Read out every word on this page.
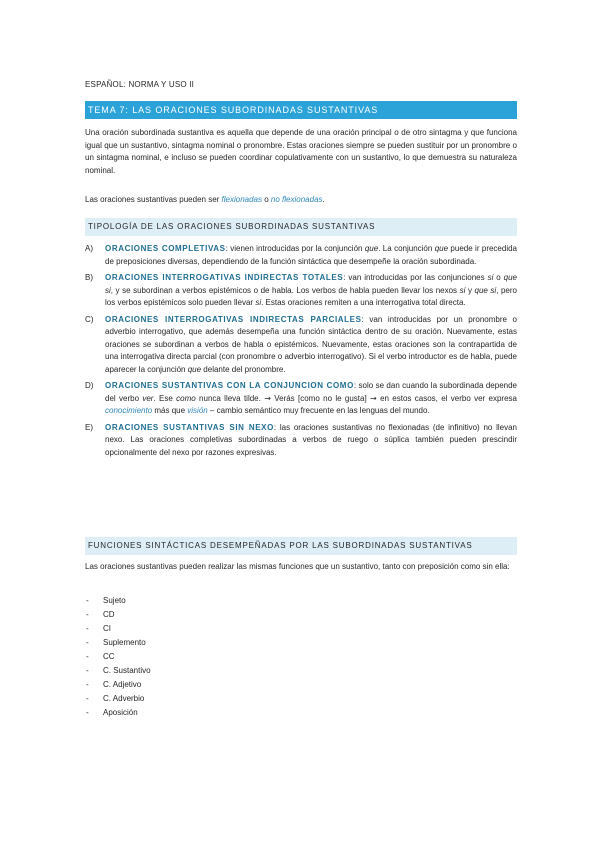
ESPAÑOL: NORMA Y USO II
TEMA 7: LAS ORACIONES SUBORDINADAS SUSTANTIVAS
Una oración subordinada sustantiva es aquella que depende de una oración principal o de otro sintagma y que funciona igual que un sustantivo, sintagma nominal o pronombre. Estas oraciones siempre se pueden sustituir por un pronombre o un sintagma nominal, e incluso se pueden coordinar copulativamente con un sustantivo, lo que demuestra su naturaleza nominal.
Las oraciones sustantivas pueden ser flexionadas o no flexionadas.
TIPOLOGÍA DE LAS ORACIONES SUBORDINADAS SUSTANTIVAS
A) ORACIONES COMPLETIVAS: vienen introducidas por la conjunción que. La conjunción que puede ir precedida de preposiciones diversas, dependiendo de la función sintáctica que desempeñe la oración subordinada.
B) ORACIONES INTERROGATIVAS INDIRECTAS TOTALES: van introducidas por las conjunciones si o que si, y se subordinan a verbos epistémicos o de habla. Los verbos de habla pueden llevar los nexos si y que si, pero los verbos epistémicos solo pueden llevar si. Estas oraciones remiten a una interrogativa total directa.
C) ORACIONES INTERROGATIVAS INDIRECTAS PARCIALES: van introducidas por un pronombre o adverbio interrogativo, que además desempeña una función sintáctica dentro de su oración. Nuevamente, estas oraciones se subordinan a verbos de habla o epistémicos. Nuevamente, estas oraciones son la contrapartida de una interrogativa directa parcial (con pronombre o adverbio interrogativo). Si el verbo introductor es de habla, puede aparecer la conjunción que delante del pronombre.
D) ORACIONES SUSTANTIVAS CON LA CONJUNCION COMO: solo se dan cuando la subordinada depende del verbo ver. Ese como nunca lleva tilde. → Verás [como no le gusta] → en estos casos, el verbo ver expresa conocimiento más que visión – cambio semántico muy frecuente en las lenguas del mundo.
E) ORACIONES SUSTANTIVAS SIN NEXO: las oraciones sustantivas no flexionadas (de infinitivo) no llevan nexo. Las oraciones completivas subordinadas a verbos de ruego o súplica también pueden prescindir opcionalmente del nexo por razones expresivas.
FUNCIONES SINTÁCTICAS DESEMPEÑADAS POR LAS SUBORDINADAS SUSTANTIVAS
Las oraciones sustantivas pueden realizar las mismas funciones que un sustantivo, tanto con preposición como sin ella:
- Sujeto
- CD
- CI
- Suplemento
- CC
- C. Sustantivo
- C. Adjetivo
- C. Adverbio
- Aposición
